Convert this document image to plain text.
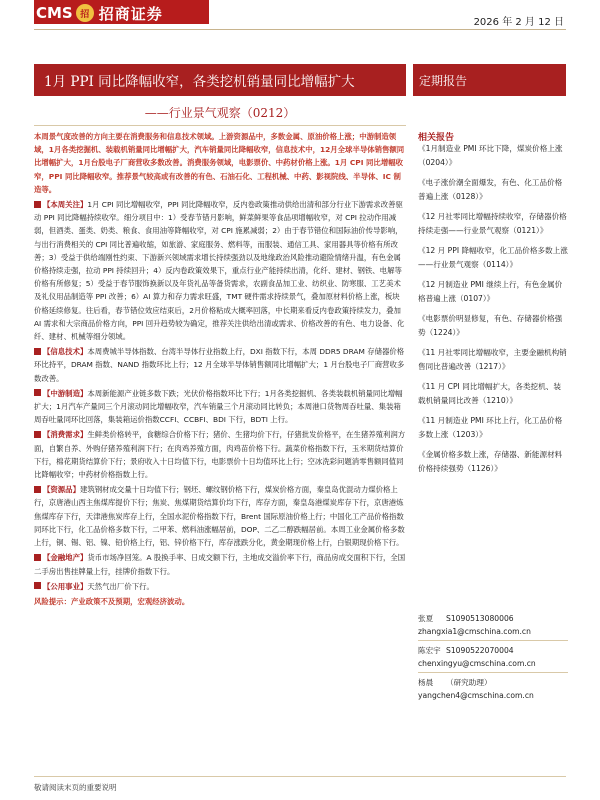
CMS 招 招商证券	2026 年 2 月 12 日
1月 PPI 同比降幅收窄，各类挖机销量同比增幅扩大	定期报告
——行业景气观察（0212）
本周景气度改善的方向主要在消费服务和信息技术领域。上游资源品中，多数金属、原油价格上涨；中游制造领域，1月各类挖掘机、装载机销量同比增幅扩大，汽车销量同比降幅收窄，信息技术中，12月全球半导体销售额同比增幅扩大，1月台股电子厂商营收多数改善。消费服务领域，电影票价、中药材价格上涨。1月 CPI 同比增幅收窄，PPI 同比降幅收窄。推荐景气较高或有改善的有色、石油石化、工程机械、中药、影视院线、半导体、IC 制造等。
【本周关注】1月 CPI 同比增幅收窄，PPI 同比降幅收窄，反内卷政策推动供给出清和部分行业下游需求改善驱动 PPI 同比降幅持续收窄。细分项目中：1）受春节错月影响，鲜菜鲜果等食品项增幅收窄，对 CPI 拉动作用减弱，但酒类、蛋类、奶类、粮食、食用油等降幅收窄，对 CPI 施累减弱；2）由于春节错位和国际油价传导影响，与出行消费相关的 CPI 同比普遍收缩，如旅游、家庭服务、燃料等，而服装、通信工具、家用器具等价格有所改善；3）受益于供给端刚性约束、下游新兴领域需求增长持续强劲以及地缘政治风险推动避险情绪升温，有色金属价格持续走强，拉动 PPI 持续回升；4）反内卷政策效果下，重点行业产能持续出清，化纤、建材、钢铁、电解等价格有所修复；5）受益于春节服饰换新以及年货礼品等备货需求，农副食品加工业、纺织业、防寒服、工艺美术及礼仪用品制造等 PPI 改善；6）AI 算力和存力需求旺盛，TMT 硬件需求持续景气，叠加原材料价格上涨，板块价格延续修复。往后看，春节错位效应结束后，2月价格粘成大概率回落，中长期来看反内卷政策持续发力，叠加 AI 需求和大宗商品价格方向，PPI 回升趋势较为确定，推荐关注供给出清或需求、价格改善的有色、电力设备、化纤、建材、机械等细分领域。
【信息技术】本周费城半导体指数、台湾半导体行业指数上行，DXI 指数下行，本周 DDR5 DRAM 存储器价格环比持平，DRAM 指数、NAND 指数环比上行；12 月全球半导体销售额同比增幅扩大；1 月台股电子厂商营收多数改善。
【中游制造】本周新能源产业链多数下跌；光伏价格指数环比下行；1月各类挖掘机、各类装载机销量同比增幅扩大；1月汽车产量同三个月滚动同比增幅收窄，汽车销量三个月滚动同比转负；本周港口货物周吞吐量、集装箱周吞吐量同环比回落，集装箱运价指数CCFI、CCBFI、BDI 下行，BDTI 上行。
【消费需求】生鲜类价格转平，食糖综合价格下行；猪价、生猪均价下行，仔猪批发价格平，在生猪养殖利润方面，自繁自养、外购仔猪养殖利润下行；在肉鸡养殖方面，肉鸡苗价格下行。蔬菜价格指数下行，玉米期货结算价下行，棉花期货结算价下行；景府收入十日均值下行，电影票价十日均值环比上行；空冰洗彩问题消零售额同值同比降幅收窄；中药材价格指数上行。
【资源品】建筑钢材成交量十日均值下行；钢坯、螺纹钢价格下行，煤炭价格方面，秦皇岛优混动力煤价格上行，京唐港山西主焦煤库提价下行；焦炭、焦煤期货结算价均下行，库存方面，秦皇岛港煤炭库存下行，京唐港炼焦煤库存下行，天津港焦炭库存上行，全国水泥价格指数下行，Brent 国际原油价格上行；中国化工产品价格指数同环比下行，化工品价格多数下行，二甲苯、燃料油涨幅居前，DOP、二乙二醇跌幅居前。本周工业金属价格多数上行，铜、锡、铝、镍、铅价格上行，铝、锌价格下行，库存涨跌分化，黄金期现价格上行，白银期现价格下行。
【金融地产】货币市场净回笼。A 股换手率、日成交额下行，主地成交溢价率下行，商品房成交面积下行，全国二手房出售挂牌量上行，挂牌价指数下行。
【公用事业】天然气出厂价下行。
风险提示：产业政策不及预期，宏观经济波动。
相关报告
《1月制造业 PMI 环比下降，煤炭价格上涨（0204）》
《电子涨价潮全面爆发，有色、化工品价格普遍上涨（0128）》
《12 月社零同比增幅持续收窄，存储器价格持续走强——行业景气观察（0121）》
《12 月 PPI 降幅收窄，化工品价格多数上涨——行业景气观察（0114）》
《12 月制造业 PMI 继续上行，有色金属价格普遍上涨（0107）》
《电影票价明显修复，有色、存储器价格强势（1224）》
《11 月社零同比增幅收窄，主要金融机构销售同比普遍改善（1217）》
《11 月 CPI 同比增幅扩大，各类挖机、装载机销量同比改善（1210）》
《11 月制造业 PMI 环比上行，化工品价格多数上涨（1203）》
《金属价格多数上涨，存储器、新能源材料价格持续强势（1126）》
张夏	S1090513080006
zhangxia1@cmschina.com.cn
陈宏宇 S1090522070004
chenxingyu@cmschina.com.cn
杨晨	（研究助理）
yangchen4@cmschina.com.cn
敬请阅读末页的重要说明
